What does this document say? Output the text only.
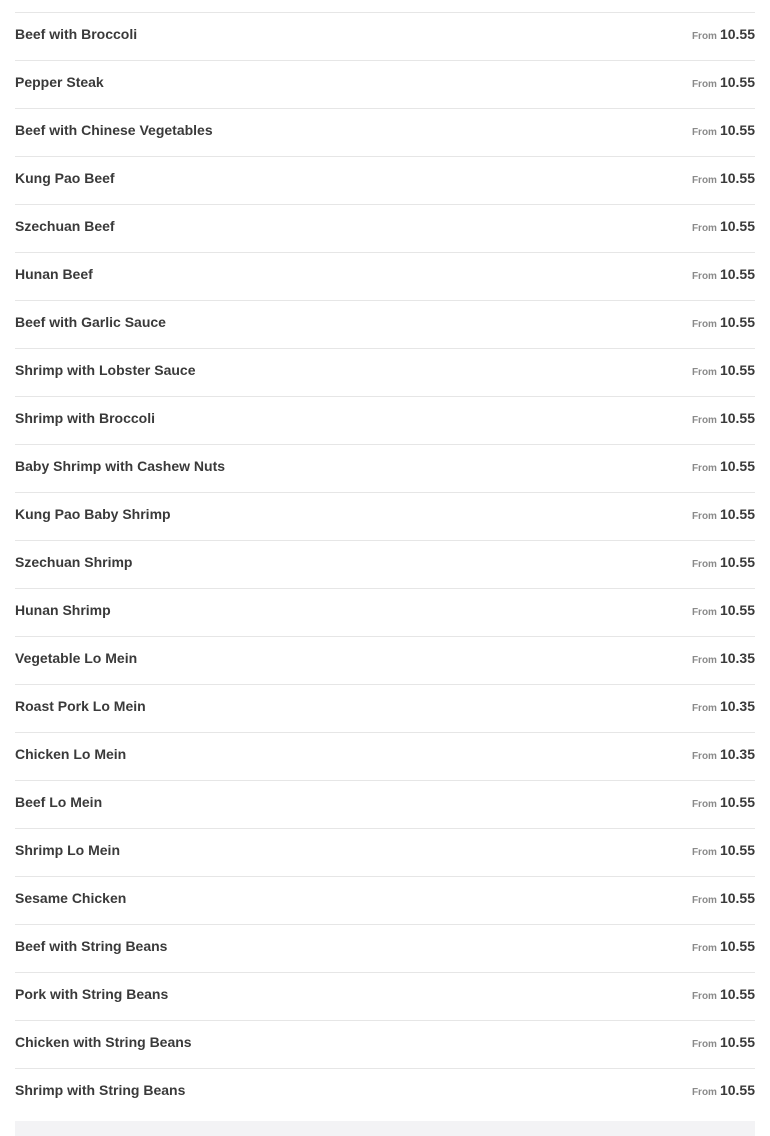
Beef with Broccoli	From 10.55
Pepper Steak	From 10.55
Beef with Chinese Vegetables	From 10.55
Kung Pao Beef	From 10.55
Szechuan Beef	From 10.55
Hunan Beef	From 10.55
Beef with Garlic Sauce	From 10.55
Shrimp with Lobster Sauce	From 10.55
Shrimp with Broccoli	From 10.55
Baby Shrimp with Cashew Nuts	From 10.55
Kung Pao Baby Shrimp	From 10.55
Szechuan Shrimp	From 10.55
Hunan Shrimp	From 10.55
Vegetable Lo Mein	From 10.35
Roast Pork Lo Mein	From 10.35
Chicken Lo Mein	From 10.35
Beef Lo Mein	From 10.55
Shrimp Lo Mein	From 10.55
Sesame Chicken	From 10.55
Beef with String Beans	From 10.55
Pork with String Beans	From 10.55
Chicken with String Beans	From 10.55
Shrimp with String Beans	From 10.55
